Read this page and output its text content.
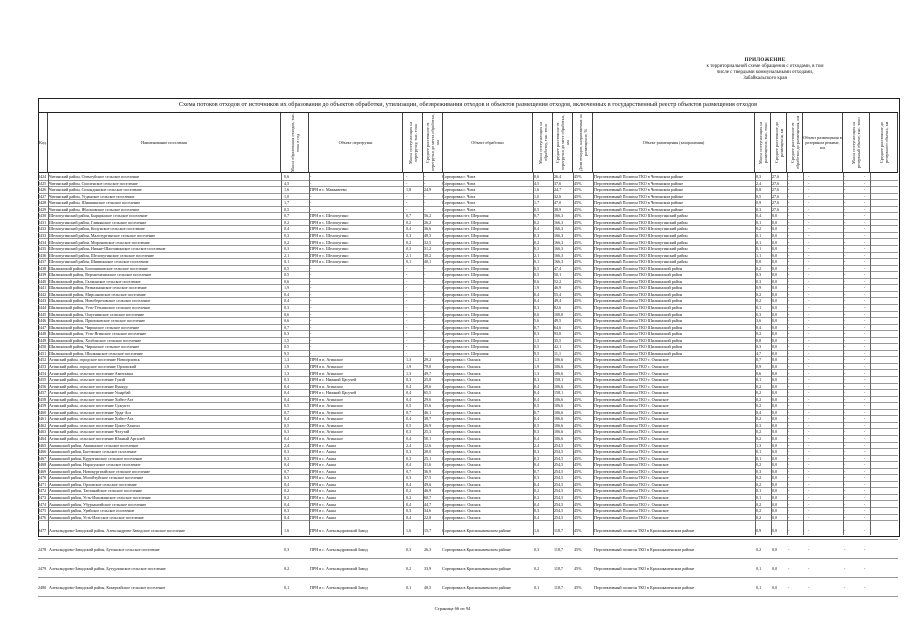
ПРИЛОЖЕНИЕ
к территориальной схеме обращения с отходами, в том
числе с твердыми коммунальными отходами,
Забайкальского края
Схема потоков отходов от источников их образования до объектов обработки, утилизации, обезвреживания отходов и объектов размещения отходов, включенных в государственный реестр объектов размещения отходов
Код	Наименование поселения	Масса образования отходов, тыс. тонн в год	Объект перегрузки	Масса поступающих на перегрузку, тыс. тонн Среднее расстояние от перегрузки до места обработки, км	Объект обработки	Масса поступающих на обработку, тыс. тонн Среднее расстояние от перегрузки до мест обработки, км Доля отходов, направляемых на размещение, %	Объект размещения (захоронения)	Масса поступающих на размещение, тыс. тонн Среднее расстояние до размещения, км Среднее расстояние от обработки до размещения, км Объект размещения в резервном режиме, км	Масса поступающих на резервный объект, тыс. тонн	Среднее расстояние до резервного объекта, км
2424 Читинский район, Оленгуйское сельское поселение	0,6	-	-	-	Сортировка г. Чита	0,6	26,4	45%	Перспективный Полигон ТКО в Читинском районе	0,3	27,6	-	-	-	-
2425 Читинский район, Смоленское сельское поселение	4,5	-	-	-	Сортировка г. Чита	4,5	37,6	45%	Перспективный Полигон ТКО в Читинском районе	2,4	27,6	-	-	-	-
2426 Читинский район, Сохондинское сельское поселение	1,6	ПРН в с. Маккавеево	1,8	24,9	Сортировка г. Чита	1,6	24,7	45%	Перспективный Полигон ТКО в Читинском районе	0,8	27,6	-	-	-	-
2427 Читинский район, Угданское сельское поселение	1,0	-	-	-	Сортировка г. Чита	1,0	32,6	45%	Перспективный Полигон ТКО в Читинском районе	0,5	27,6	-	-	-	-
2428 Читинский район, Шишкинское сельское поселение	1,7	-	-	-	Сортировка г. Чита	1,7	47,0	45%	Перспективный Полигон ТКО в Читинском районе	0,9	27,6	-	-	-	-
2429 Читинский район, Яблоновское сельское поселение	0,5	-	-	-	Сортировка г. Чита	0,5	38,9	45%	Перспективный Полигон ТКО в Читинском районе	0,3	27,6	-	-	-	-
2430 Шелопугинский район, Бырцинское сельское поселение	0,7	ПРН в с. Шелопугино	0,7	56,2	Сортировка пгт. Шерловая	0,7	166,3	45%	Перспективный Полигон ТКО Шелопугинский район	0,4	0,0	-	-	-	-
2431 Шелопугинский район, Глинянское сельское поселение	0,2	ПРН в с. Шелопугино	0,2	26,2	Сортировка пгт. Шерловая	0,2	166,3	45%	Перспективный Полигон ТКО Шелопугинский район	0,1	0,0	-	-	-	-
2432 Шелопугинский район, Копунское сельское поселение	0,4	ПРН в с. Шелопугино	0,4	36,6	Сортировка пгт. Шерловая	0,4	166,3	45%	Перспективный Полигон ТКО Шелопугинский район	0,2	0,0	-	-	-	-
2433 Шелопугинский район, Малотургинское сельское поселение	0,3	ПРН в с. Шелопугино	0,3	48,5	Сортировка пгт. Шерловая	0,3	166,3	45%	Перспективный Полигон ТКО Шелопугинский район	0,1	0,0	-	-	-	-
2434 Шелопугинский район, Мироновское сельское поселение	0,2	ПРН в с. Шелопугино	0,2	32,5	Сортировка пгт. Шерловая	0,2	166,3	45%	Перспективный Полигон ТКО Шелопугинский район	0,1	0,0	-	-	-	-
2435 Шелопугинский район, Нижне-Шахтаминское сельское поселение	0,3	ПРН в с. Шелопугино	0,3	31,2	Сортировка пгт. Шерловая	0,3	166,3	45%	Перспективный Полигон ТКО Шелопугинский район	0,1	0,0	-	-	-	-
2436 Шелопугинский район, Шелопугинское сельское поселение	2,1	ПРН в с. Шелопугино	2,1	30,2	Сортировка пгт. Шерловая	2,1	166,3	45%	Перспективный Полигон ТКО Шелопугинский район	1,1	0,0	-	-	-	-
2437 Шелопугинский район, Шивиинское сельское поселение	0,1	ПРН в с. Шелопугино	0,1	40,1	Сортировка пгт. Шерловая	0,1	166,3	45%	Перспективный Полигон ТКО Шелопугинский район	0,0	0,0	-	-	-	-
2438 Шилкинский район, Богомягковское сельское поселение	0,5	-	-	-	Сортировка пгт. Шерловая	0,5	47,4	45%	Перспективный Полигон ТКО Шилкинский район	0,2	0,0	-	-	-	-
2439 Шилкинский район, Верхнехилинское сельское поселение	0,5	-	-	-	Сортировка пгт. Шерловая	0,5	50,1	45%	Перспективный Полигон ТКО Шилкинский район	0,3	0,0	-	-	-	-
2440 Шилкинский район, Галкинское сельское поселение	0,6	-	-	-	Сортировка пгт. Шерловая	0,6	52,2	45%	Перспективный Полигон ТКО Шилкинский район	0,3	0,0	-	-	-	-
2441 Шилкинский район, Размахнинское сельское поселение	1,9	-	-	-	Сортировка пгт. Шерловая	1,9	46,9	45%	Перспективный Полигон ТКО Шилкинский район	0,9	0,0	-	-	-	-
2442 Шилкинский район, Мирсановское сельское поселение	0,4	-	-	-	Сортировка пгт. Шерловая	0,4	55,4	45%	Перспективный Полигон ТКО Шилкинский район	0,2	0,0	-	-	-	-
2443 Шилкинский район, Новоберезовское сельское поселение	0,4	-	-	-	Сортировка пгт. Шерловая	0,4	49,4	45%	Перспективный Полигон ТКО Шилкинский район	0,2	0,0	-	-	-	-
2444 Шилкинский район, Усть-Тёплинское сельское поселение	0,3	-	-	-	Сортировка пгт. Шерловая	0,3	82,6	45%	Перспективный Полигон ТКО Шилкинский район	0,1	0,0	-	-	-	-
2445 Шилкинский район, Омутнинское сельское поселение	0,6	-	-	-	Сортировка пгт. Шерловая	0,6	100,0	45%	Перспективный Полигон ТКО Шилкинский район	0,3	0,0	-	-	-	-
2446 Шилкинский район, Приисковское сельское поселение	0,6	-	-	-	Сортировка пгт. Шерловая	5,6	49,5	45%	Перспективный Полигон ТКО Шилкинский район	3,6	0,0	-	-	-	-
2447 Шилкинский район, Чиронское сельское поселение	0,7	-	-	-	Сортировка пгт. Шерловая	0,7	64,6	45%	Перспективный Полигон ТКО Шилкинский район	0,4	0,0	-	-	-	-
2448 Шилкинский район, Усть-Ягинское сельское поселение	0,3	-	-	-	Сортировка пгт. Шерловая	0,3	93,0	45%	Перспективный Полигон ТКО Шилкинский район	0,2	0,0	-	-	-	-
2449 Шилкинский район, Холбонское сельское поселение	1,5	-	-	-	Сортировка пгт. Шерловая	1,5	35,5	45%	Перспективный Полигон ТКО Шилкинский район	0,8	0,0	-	-	-	-
2450 Шилкинский район, Чиронское сельское поселение	0,5	-	-	-	Сортировка пгт. Шерловая	0,5	42,1	45%	Перспективный Полигон ТКО Шилкинский район	0,3	0,0	-	-	-	-
2451 Шилкинский район, Шилкинское сельское поселение	9,5	-	-	-	Сортировка пгт. Шерловая	9,5	11,1	45%	Перспективный Полигон ТКО Шилкинский район	4,7	0,0	-	-	-	-
2452 Агинский район, городское поселение Новоорловск	1,3	ПРН в п. Агинское	1,3	29,2	Сортировка с. Ононск	1,3	106,6	45%	Перспективный Полигон ТКО с. Ононское	0,7	0,0	-	-	-	-
2453 Агинский район, городское поселение Орловский	1,9	ПРН в п. Агинское	1,9	79,0	Сортировка с. Ононск	1,9	106,6	45%	Перспективный Полигон ТКО с. Ононское	0,9	0,0	-	-	-	-
2454 Агинский район, сельское поселение Амитхаша	1,3	ПРН в п. Агинское	1,3	49,7	Сортировка с. Ононск	1,3	106,6	45%	Перспективный Полигон ТКО с. Ононское	0,6	0,0	-	-	-	-
2455 Агинский район, сельское поселение Гунэй	0,3	ПРН в с. Нижний Цасучей	0,3	25,8	Сортировка с. Ононск	0,3	158,1	45%	Перспективный Полигон ТКО с. Ононское	0,1	0,0	-	-	-	-
2456 Агинский район, сельское поселение Кункур	0,4	ПРН в п. Агинское	0,4	28,6	Сортировка с. Ононск	0,4	106,6	45%	Перспективный Полигон ТКО с. Ононское	0,2	0,0	-	-	-	-
2457 Агинский район, сельское поселение Ушарбай	0,4	ПРН в с. Нижний Цасучей	0,4	65,5	Сортировка с. Ононск	0,4	158,1	45%	Перспективный Полигон ТКО с. Ононское	0,2	0,0	-	-	-	-
2458 Агинский район, сельское поселение Хойто-Ага	0,4	ПРН в п. Агинское	0,4	29,6	Сортировка с. Ононск	0,4	106,6	45%	Перспективный Полигон ТКО с. Ононское	0,2	0,0	-	-	-	-
2459 Агинский район, сельское поселение Сужуктэ	0,5	ПРН в п. Агинское	0,5	35,6	Сортировка с. Ононск	0,5	106,6	45%	Перспективный Полигон ТКО с. Ононское	0,2	0,0	-	-	-	-
2460 Агинский район, сельское поселение Урда-Ага	0,7	ПРН в п. Агинское	0,7	46,1	Сортировка с. Ононск	0,7	106,6	45%	Перспективный Полигон ТКО с. Ононское	0,4	0,0	-	-	-	-
2461 Агинский район, сельское поселение Хойто-Ага	0,4	ПРН в п. Агинское	0,4	38,7	Сортировка с. Ононск	0,4	106,6	45%	Перспективный Полигон ТКО с. Ононское	0,2	0,0	-	-	-	-
2462 Агинский район, сельское поселение Цокто-Хангил	0,5	ПРН в п. Агинское	0,5	26,9	Сортировка с. Ононск	0,5	106,6	45%	Перспективный Полигон ТКО с. Ононское	0,3	0,0	-	-	-	-
2463 Агинский район, сельское поселение Челутай	0,3	ПРН в п. Агинское	0,3	25,3	Сортировка с. Ононск	0,3	106,6	45%	Перспективный Полигон ТКО с. Ононское	0,2	0,0	-	-	-	-
2464 Агинский район, сельское поселение Южный Аргалей	0,4	ПРН в п. Агинское	0,4	50,1	Сортировка с. Ононск	0,4	106,6	45%	Перспективный Полигон ТКО с. Ононское	0,2	0,0	-	-	-	-
2465 Акшинский район, Акшинское сельское поселение	2,4	ПРН в с. Акша	2,4	12,6	Сортировка с. Ононск	2,4	254,5	45%	Перспективный Полигон ТКО с. Ононское	1,3	0,0	-	-	-	-
2466 Акшинский район, Бытэвское сельское поселение	0,3	ПРН в с. Акша	0,3	28,0	Сортировка с. Ононск	0,3	254,5	45%	Перспективный Полигон ТКО с. Ононское	0,1	0,0	-	-	-	-
2467 Акшинский район, Курулгинское сельское поселение	0,3	ПРН в с. Акша	0,3	25,1	Сортировка с. Ононск	0,3	254,5	45%	Перспективный Полигон ТКО с. Ононское	0,1	0,0	-	-	-	-
2468 Акшинский район, Нарасунское сельское поселение	0,4	ПРН в с. Акша	0,4	31,6	Сортировка с. Ононск	0,4	254,5	45%	Перспективный Полигон ТКО с. Ононское	0,2	0,0	-	-	-	-
2469 Акшинский район, Новокургатайское сельское поселение	0,7	ПРН в с. Акша	0,7	36,9	Сортировка с. Ононск	0,7	254,5	45%	Перспективный Полигон ТКО с. Ононское	0,3	0,0	-	-	-	-
2470 Акшинский район, Могойтуйское сельское поселение	0,3	ПРН в с. Акша	0,3	37,5	Сортировка с. Ононск	0,3	254,5	45%	Перспективный Полигон ТКО с. Ононское	0,2	0,0	-	-	-	-
2471 Акшинский район, Орловское сельское поселение	0,4	ПРН в с. Акша	0,4	49,6	Сортировка с. Ононск	0,4	254,5	45%	Перспективный Полигон ТКО с. Ононское	0,2	0,0	-	-	-	-
2472 Акшинский район, Таптанайское сельское поселение	0,2	ПРН в с. Акша	0,2	46,9	Сортировка с. Ононск	0,2	254,5	45%	Перспективный Полигон ТКО с. Ононское	0,1	0,0	-	-	-	-
2473 Акшинский район, Усть-Ималкинское сельское поселение	0,2	ПРН в с. Акша	0,2	60,7	Сортировка с. Ононск	0,2	254,5	45%	Перспективный Полигон ТКО с. Ононское	0,1	0,0	-	-	-	-
2474 Акшинский район, Убурхангайское сельское поселение	0,4	ПРН в с. Акша	0,4	44,7	Сортировка с. Ононск	0,4	254,5	45%	Перспективный Полигон ТКО с. Ононское	0,2	0,0	-	-	-	-
2475 Акшинский район, Урейское сельское поселение	0,3	ПРН в с. Акша	0,3	34,6	Сортировка с. Ононск	0,3	254,5	45%	Перспективный Полигон ТКО с. Ононское	0,2	0,0	-	-	-	-
2476 Акшинский район, Усть-Иласское сельское поселение	0,4	ПРН в с. Акша	0,4	22,8	Сортировка с. Ононск	0,4	254,5	45%	Перспективный Полигон ТКО с. Ононское	0,2	0,0	-	-	-	-
2477 Александрово-Заводский район, Александрово-Заводское сельское поселение	1,6	ПРН в с. Александровский Завод	1,6	15,7	Сортировка в Краснокаменском районе	1,6	118,7	45%	Перспективный полигон ТКО в Краснокаменском районе	0,9	0,0	-	-	-	-
2478 Александрово-Заводский район, Бутинское сельское поселение	0,3	ПРН в с. Александровский Завод	0,3	26,3	Сортировка в Краснокаменском районе	0,3	118,7	45%	Перспективный полигон ТКО в Краснокаменском районе	0,2	0,0	-	-	-	-
2479 Александрово-Заводский район, Бутурлинское сельское поселение	0,2	ПРН в с. Александровский Завод	0,2	33,9	Сортировка в Краснокаменском районе	0,2	118,7	45%	Перспективный полигон ТКО в Краснокаменском районе	0,1	0,0	-	-	-	-
2480 Александрово-Заводский район, Кокертайское сельское поселение	0,1	ПРН в с. Александровский Завод	0,1	40,5	Сортировка в Краснокаменском районе	0,1	118,7	45%	Перспективный полигон ТКО в Краснокаменском районе	0,1	0,0	-	-	-	-
Страница 66 из 94
